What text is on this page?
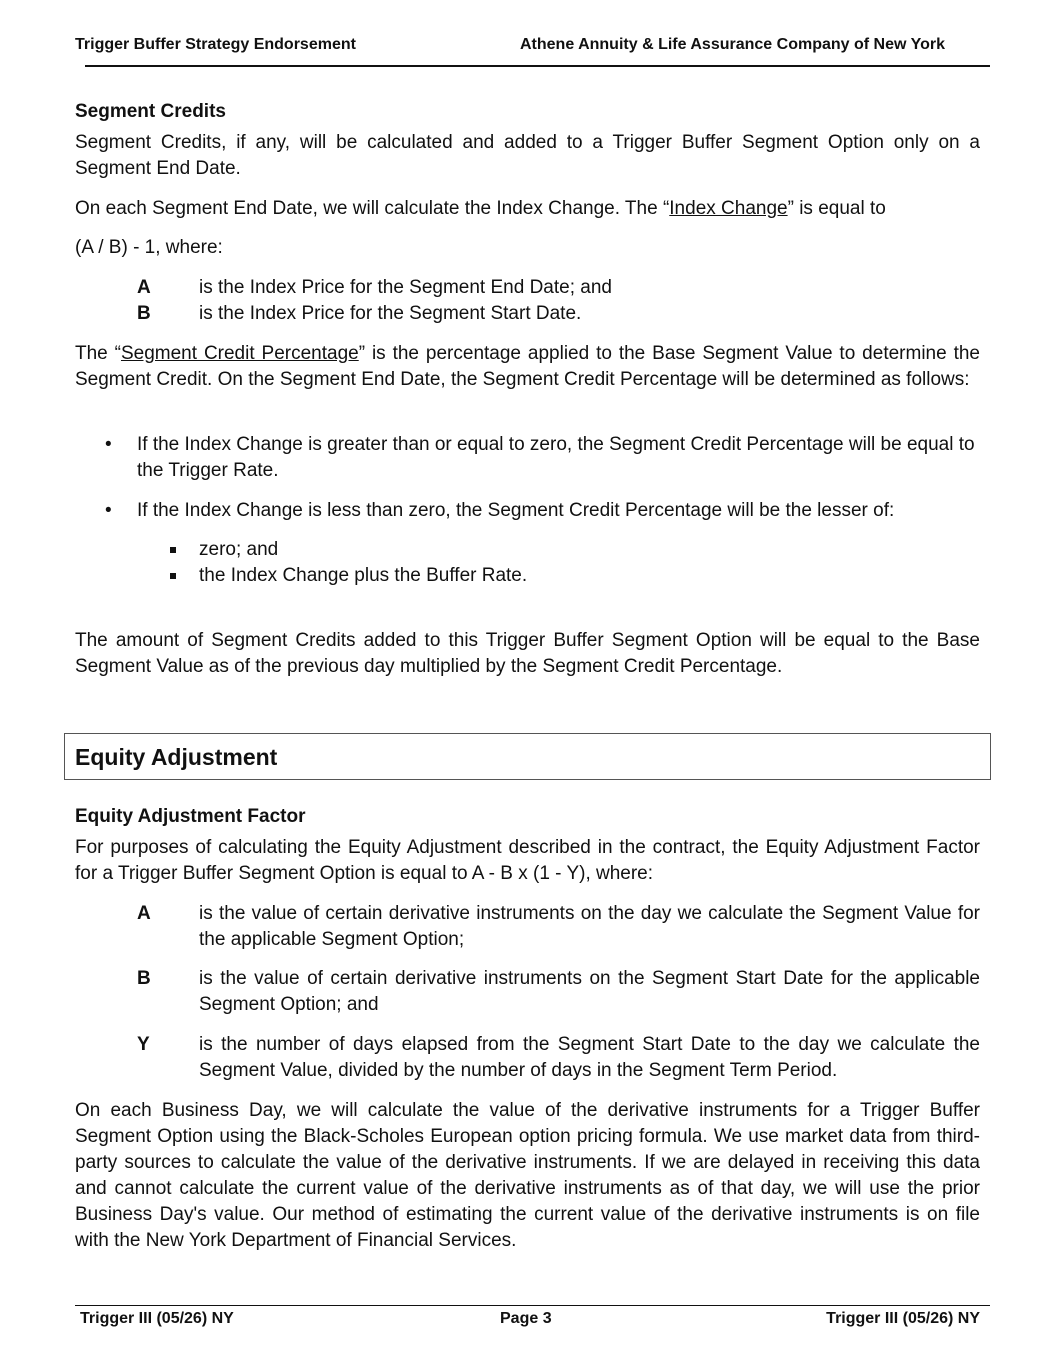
Trigger Buffer Strategy Endorsement	Athene Annuity & Life Assurance Company of New York
Segment Credits
Segment Credits, if any, will be calculated and added to a Trigger Buffer Segment Option only on a Segment End Date.
On each Segment End Date, we will calculate the Index Change. The “Index Change” is equal to
(A / B) - 1, where:
A	is the Index Price for the Segment End Date; and
B	is the Index Price for the Segment Start Date.
The “Segment Credit Percentage” is the percentage applied to the Base Segment Value to determine the Segment Credit. On the Segment End Date, the Segment Credit Percentage will be determined as follows:
• If the Index Change is greater than or equal to zero, the Segment Credit Percentage will be equal to the Trigger Rate.
• If the Index Change is less than zero, the Segment Credit Percentage will be the lesser of:
zero; and
the Index Change plus the Buffer Rate.
The amount of Segment Credits added to this Trigger Buffer Segment Option will be equal to the Base Segment Value as of the previous day multiplied by the Segment Credit Percentage.
Equity Adjustment
Equity Adjustment Factor
For purposes of calculating the Equity Adjustment described in the contract, the Equity Adjustment Factor for a Trigger Buffer Segment Option is equal to A - B x (1 - Y), where:
A	is the value of certain derivative instruments on the day we calculate the Segment Value for the applicable Segment Option;
B	is the value of certain derivative instruments on the Segment Start Date for the applicable Segment Option; and
Y	is the number of days elapsed from the Segment Start Date to the day we calculate the Segment Value, divided by the number of days in the Segment Term Period.
On each Business Day, we will calculate the value of the derivative instruments for a Trigger Buffer Segment Option using the Black-Scholes European option pricing formula. We use market data from third-party sources to calculate the value of the derivative instruments. If we are delayed in receiving this data and cannot calculate the current value of the derivative instruments as of that day, we will use the prior Business Day's value. Our method of estimating the current value of the derivative instruments is on file with the New York Department of Financial Services.
Trigger III (05/26) NY	Page 3	Trigger III (05/26) NY
